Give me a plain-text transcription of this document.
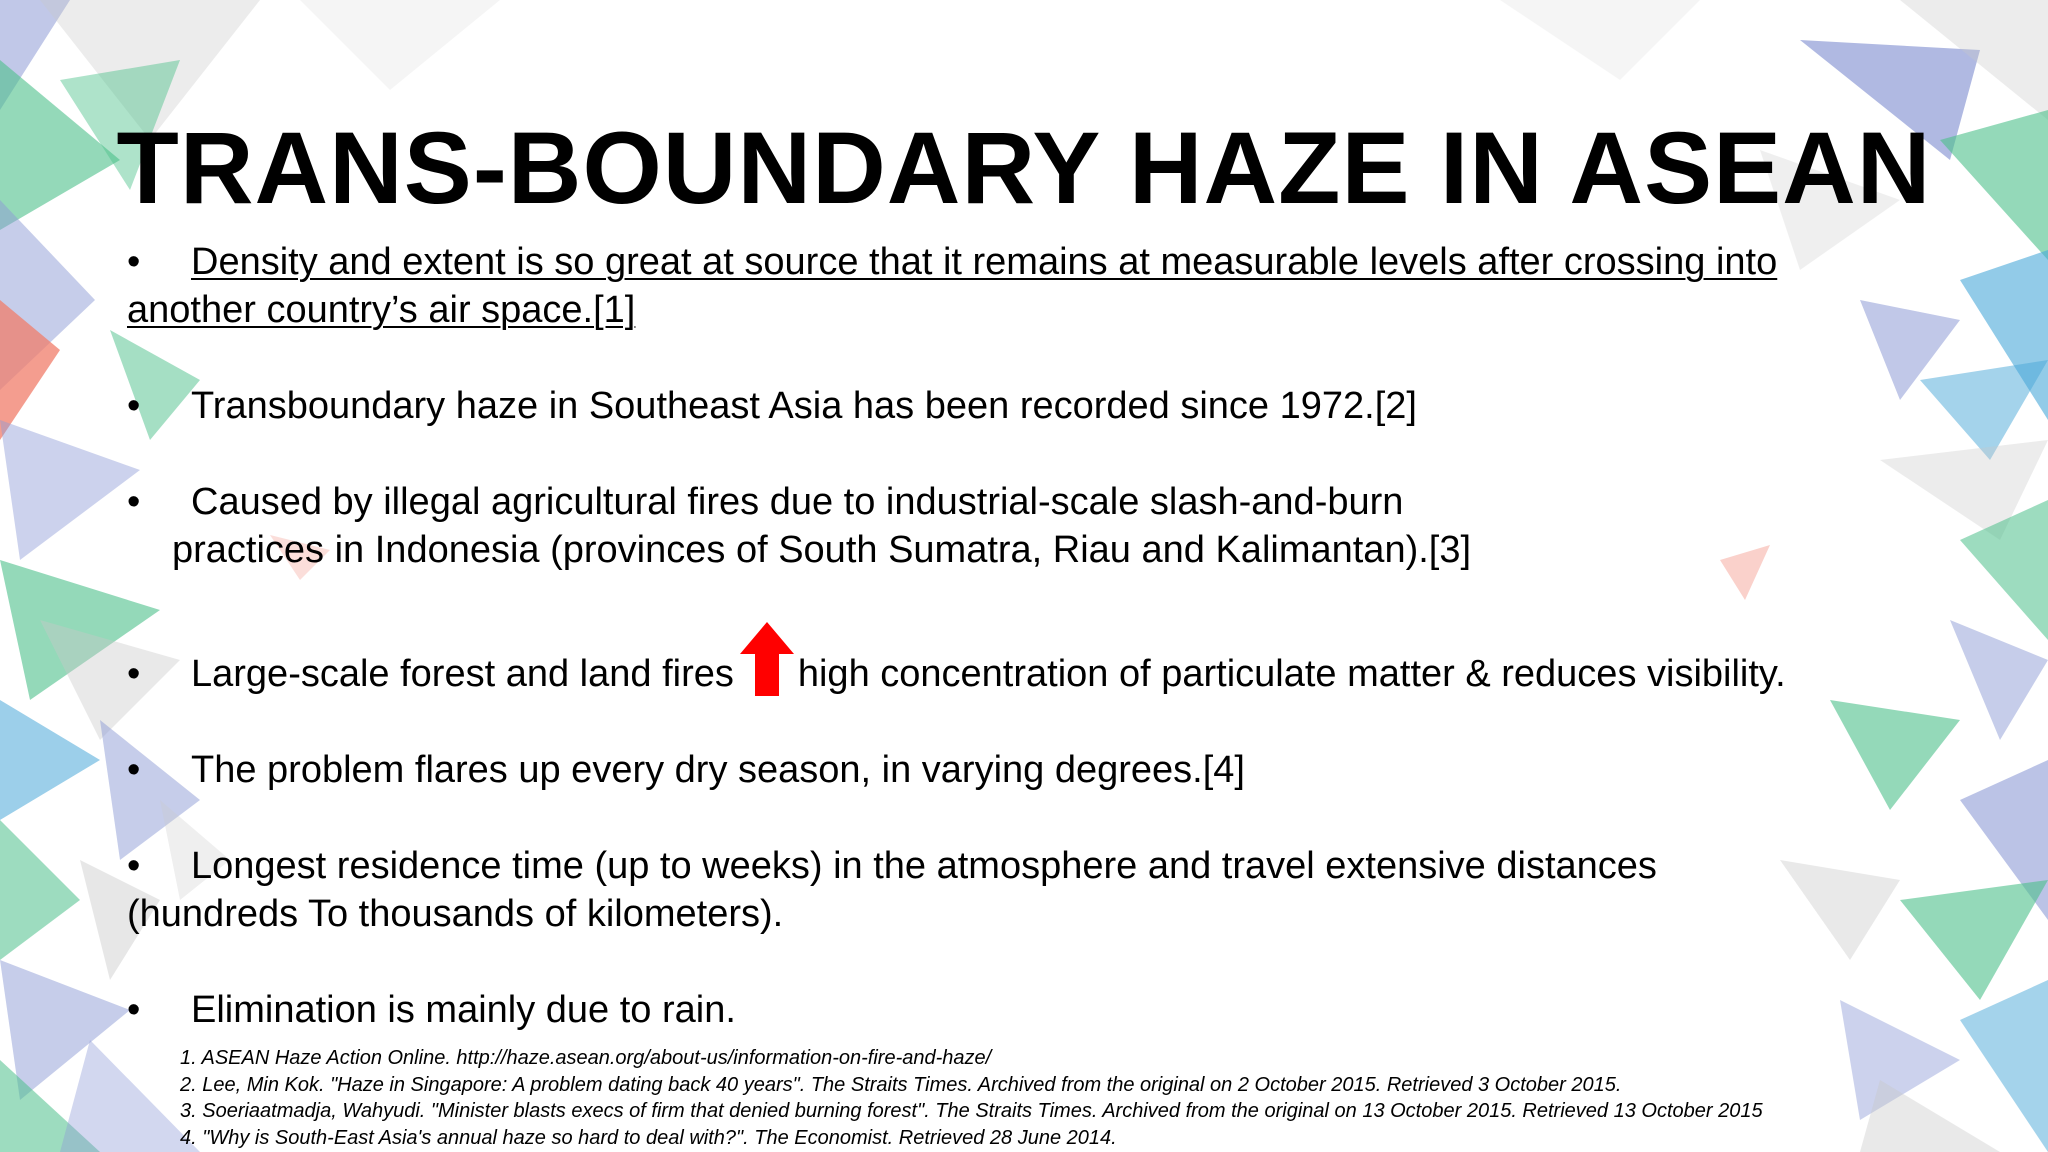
TRANS-BOUNDARY HAZE IN ASEAN
• Density and extent is so great at source that it remains at measurable levels after crossing into
another country’s air space.[1]
• Transboundary haze in Southeast Asia has been recorded since 1972.[2]
• Caused by illegal agricultural fires due to industrial-scale slash-and-burn
practices in Indonesia (provinces of South Sumatra, Riau and Kalimantan).[3]
• Large-scale forest and land fires high concentration of particulate matter & reduces visibility.
• The problem flares up every dry season, in varying degrees.[4]
• Longest residence time (up to weeks) in the atmosphere and travel extensive distances
(hundreds To thousands of kilometers).
• Elimination is mainly due to rain.
1. ASEAN Haze Action Online. http://haze.asean.org/about-us/information-on-fire-and-haze/
2. Lee, Min Kok. "Haze in Singapore: A problem dating back 40 years". The Straits Times. Archived from the original on 2 October 2015. Retrieved 3 October 2015.
3. Soeriaatmadja, Wahyudi. "Minister blasts execs of firm that denied burning forest". The Straits Times. Archived from the original on 13 October 2015. Retrieved 13 October 2015
4. "Why is South-East Asia's annual haze so hard to deal with?". The Economist. Retrieved 28 June 2014.
